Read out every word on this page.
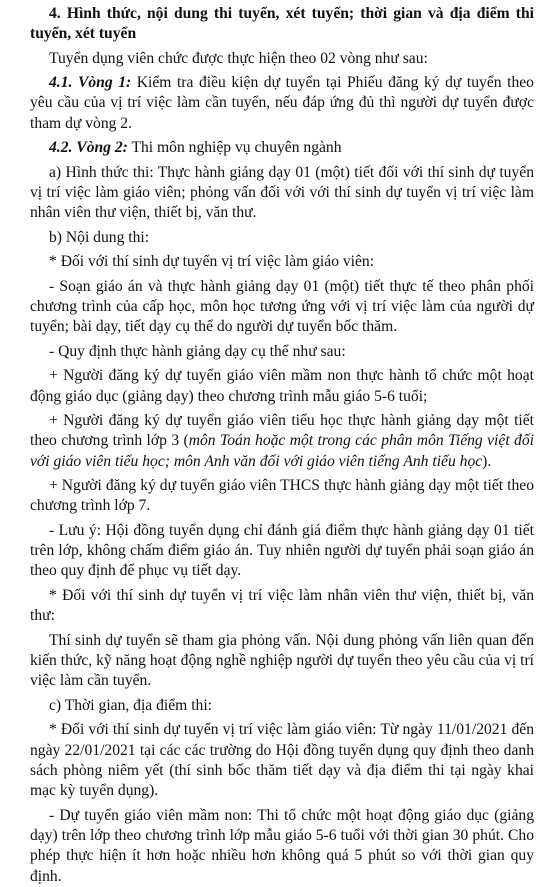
4. Hình thức, nội dung thi tuyển, xét tuyển; thời gian và địa điểm thi tuyển, xét tuyển

Tuyển dụng viên chức được thực hiện theo 02 vòng như sau:

4.1. Vòng 1: Kiểm tra điều kiện dự tuyển tại Phiếu đăng ký dự tuyển theo yêu cầu của vị trí việc làm cần tuyển, nếu đáp ứng đủ thì người dự tuyển được tham dự vòng 2.

4.2. Vòng 2: Thi môn nghiệp vụ chuyên ngành

a) Hình thức thi: Thực hành giảng dạy 01 (một) tiết đối với thí sinh dự tuyển vị trí việc làm giáo viên; phỏng vấn đối với với thí sinh dự tuyển vị trí việc làm nhân viên thư viện, thiết bị, văn thư.

b) Nội dung thi:

* Đối với thí sinh dự tuyển vị trí việc làm giáo viên:

- Soạn giáo án và thực hành giảng dạy 01 (một) tiết thực tế theo phân phối chương trình của cấp học, môn học tương ứng với vị trí việc làm của người dự tuyển; bài dạy, tiết dạy cụ thể do người dự tuyển bốc thăm.

- Quy định thực hành giảng dạy cụ thể như sau:

+ Người đăng ký dự tuyển giáo viên mầm non thực hành tổ chức một hoạt động giáo dục (giảng dạy) theo chương trình mẫu giáo 5-6 tuổi;

+ Người đăng ký dự tuyển giáo viên tiểu học thực hành giảng dạy một tiết theo chương trình lớp 3 (môn Toán hoặc một trong các phân môn Tiếng việt đối với giáo viên tiểu học; môn Anh văn đối với giáo viên tiếng Anh tiểu học).

+ Người đăng ký dự tuyển giáo viên THCS thực hành giảng dạy một tiết theo chương trình lớp 7.

- Lưu ý: Hội đồng tuyển dụng chỉ đánh giá điểm thực hành giảng dạy 01 tiết trên lớp, không chấm điểm giáo án. Tuy nhiên người dự tuyển phải soạn giáo án theo quy định để phục vụ tiết dạy.

* Đối với thí sinh dự tuyển vị trí việc làm nhân viên thư viện, thiết bị, văn thư:

Thí sinh dự tuyển sẽ tham gia phỏng vấn. Nội dung phỏng vấn liên quan đến kiến thức, kỹ năng hoạt động nghề nghiệp người dự tuyển theo yêu cầu của vị trí việc làm cần tuyển.

c) Thời gian, địa điểm thi:

* Đối với thí sinh dự tuyển vị trí việc làm giáo viên: Từ ngày 11/01/2021 đến ngày 22/01/2021 tại các các trường do Hội đồng tuyển dụng quy định theo danh sách phòng niêm yết (thí sinh bốc thăm tiết dạy và địa điểm thi tại ngày khai mạc kỳ tuyển dụng).

- Dự tuyển giáo viên mầm non: Thi tổ chức một hoạt động giáo dục (giảng dạy) trên lớp theo chương trình lớp mẫu giáo 5-6 tuổi với thời gian 30 phút. Cho phép thực hiện ít hơn hoặc nhiều hơn không quá 5 phút so với thời gian quy định.
